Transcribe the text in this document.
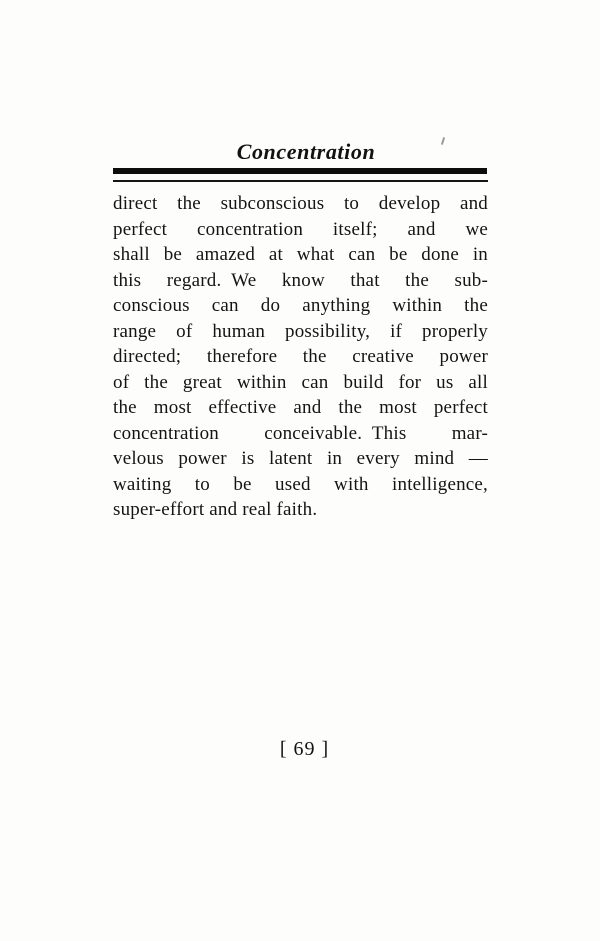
Concentration
direct the subconscious to develop and
perfect concentration itself; and we
shall be amazed at what can be done in
this regard. We know that the sub-
conscious can do anything within the
range of human possibility, if properly
directed; therefore the creative power
of the great within can build for us all
the most effective and the most perfect
concentration conceivable. This mar-
velous power is latent in every mind —
waiting to be used with intelligence,
super-effort and real faith.
[ 69 ]
